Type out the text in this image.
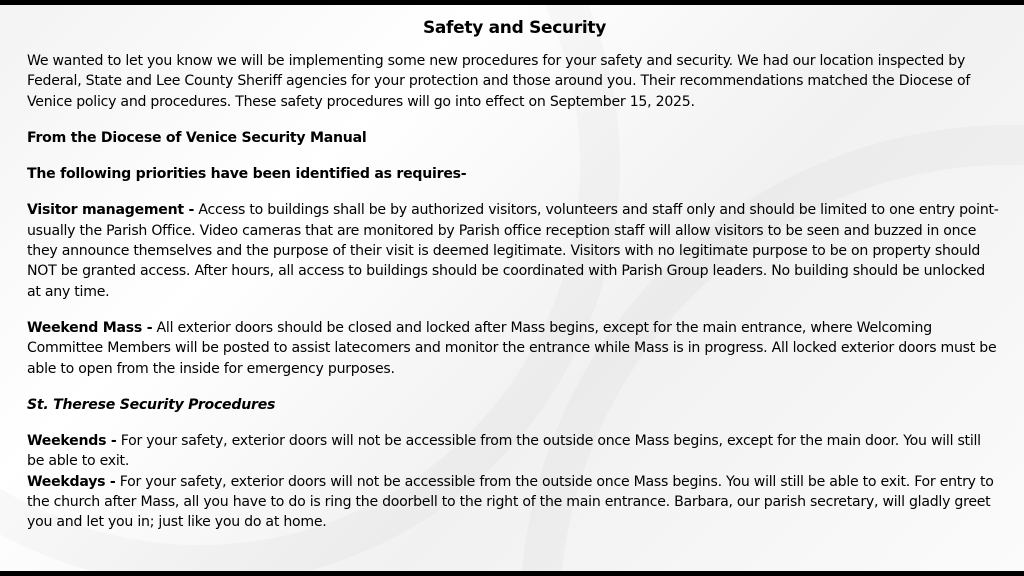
Safety and Security

We wanted to let you know we will be implementing some new procedures for your safety and security. We had our location inspected by Federal, State and Lee County Sheriff agencies for your protection and those around you. Their recommendations matched the Diocese of Venice policy and procedures. These safety procedures will go into effect on September 15, 2025.

From the Diocese of Venice Security Manual

The following priorities have been identified as requires-

Visitor management - Access to buildings shall be by authorized visitors, volunteers and staff only and should be limited to one entry point- usually the Parish Office. Video cameras that are monitored by Parish office reception staff will allow visitors to be seen and buzzed in once they announce themselves and the purpose of their visit is deemed legitimate. Visitors with no legitimate purpose to be on property should NOT be granted access. After hours, all access to buildings should be coordinated with Parish Group leaders. No building should be unlocked at any time.

Weekend Mass - All exterior doors should be closed and locked after Mass begins, except for the main entrance, where Welcoming Committee Members will be posted to assist latecomers and monitor the entrance while Mass is in progress. All locked exterior doors must be able to open from the inside for emergency purposes.

St. Therese Security Procedures

Weekends - For your safety, exterior doors will not be accessible from the outside once Mass begins, except for the main door. You will still be able to exit.

Weekdays - For your safety, exterior doors will not be accessible from the outside once Mass begins. You will still be able to exit. For entry to the church after Mass, all you have to do is ring the doorbell to the right of the main entrance. Barbara, our parish secretary, will gladly greet you and let you in; just like you do at home.
